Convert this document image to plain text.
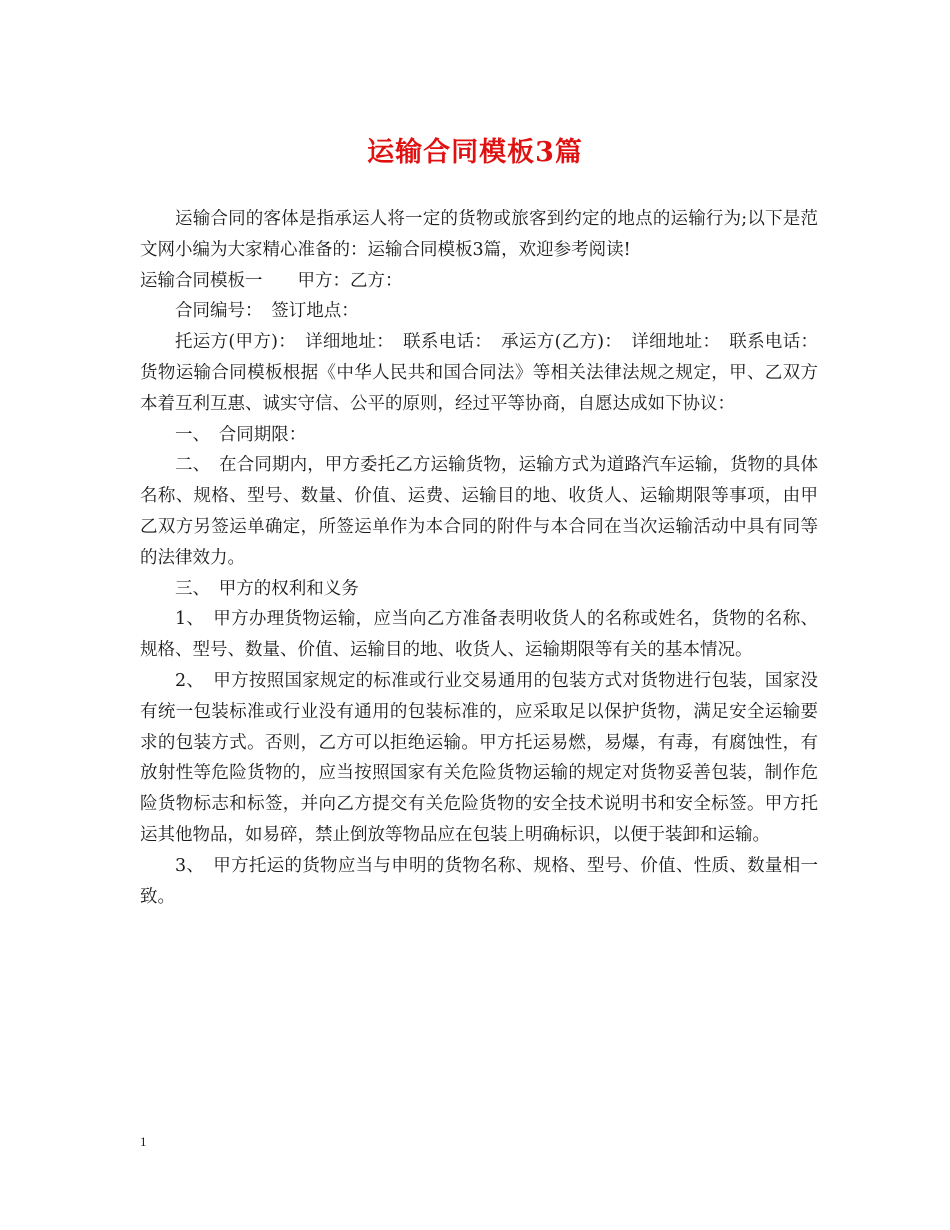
运输合同模板3篇

运输合同的客体是指承运人将一定的货物或旅客到约定的地点的运输行为;以下是范文网小编为大家精心准备的：运输合同模板3篇，欢迎参考阅读!

运输合同模板一　　甲方：乙方：

合同编号：　签订地点：

托运方(甲方)：　详细地址：　联系电话：　承运方(乙方)：　详细地址：　联系电话：货物运输合同模板根据《中华人民共和国合同法》等相关法律法规之规定，甲、乙双方本着互利互惠、诚实守信、公平的原则，经过平等协商，自愿达成如下协议：

一、　合同期限：

二、　在合同期内，甲方委托乙方运输货物，运输方式为道路汽车运输，货物的具体名称、规格、型号、数量、价值、运费、运输目的地、收货人、运输期限等事项，由甲乙双方另签运单确定，所签运单作为本合同的附件与本合同在当次运输活动中具有同等的法律效力。

三、　甲方的权利和义务

1、　甲方办理货物运输，应当向乙方准备表明收货人的名称或姓名，货物的名称、规格、型号、数量、价值、运输目的地、收货人、运输期限等有关的基本情况。

2、　甲方按照国家规定的标准或行业交易通用的包装方式对货物进行包装，国家没有统一包装标准或行业没有通用的包装标准的，应采取足以保护货物，满足安全运输要求的包装方式。否则，乙方可以拒绝运输。甲方托运易燃，易爆，有毒，有腐蚀性，有放射性等危险货物的，应当按照国家有关危险货物运输的规定对货物妥善包装，制作危险货物标志和标签，并向乙方提交有关危险货物的安全技术说明书和安全标签。甲方托运其他物品，如易碎，禁止倒放等物品应在包装上明确标识，以便于装卸和运输。

3、　甲方托运的货物应当与申明的货物名称、规格、型号、价值、性质、数量相一致。

1
